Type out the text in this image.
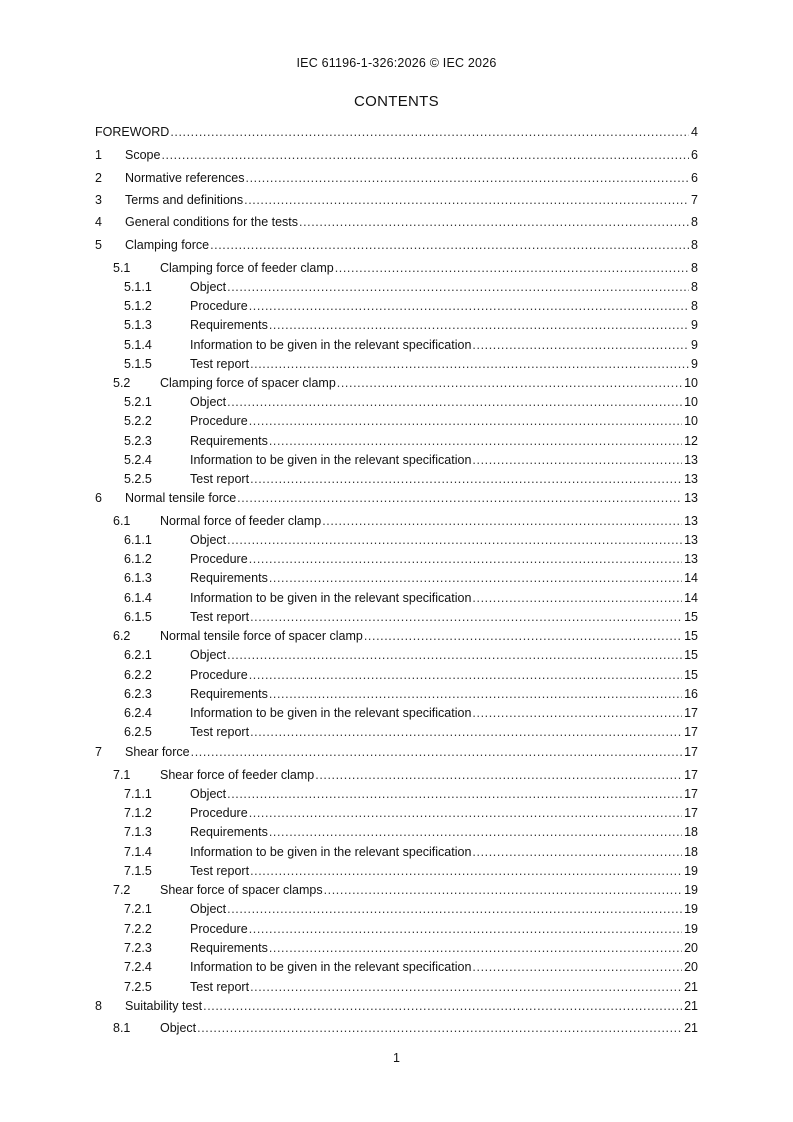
IEC 61196-1-326:2026 © IEC 2026
CONTENTS
FOREWORD .....	4
1 Scope .....	6
2 Normative references .....	6
3 Terms and definitions .....	7
4 General conditions for the tests .....	8
5 Clamping force .....	8
5.1 Clamping force of feeder clamp .....	8
5.1.1	Object .....	8
5.1.2	Procedure .....	8
5.1.3	Requirements .....	9
5.1.4	Information to be given in the relevant specification .....	9
5.1.5	Test report .....	9
5.2 Clamping force of spacer clamp .....	10
5.2.1	Object .....	10
5.2.2	Procedure .....	10
5.2.3	Requirements .....	12
5.2.4	Information to be given in the relevant specification .....	13
5.2.5	Test report .....	13
6 Normal tensile force .....	13
6.1 Normal force of feeder clamp .....	13
6.1.1	Object .....	13
6.1.2	Procedure .....	13
6.1.3	Requirements .....	14
6.1.4	Information to be given in the relevant specification .....	14
6.1.5	Test report .....	15
6.2 Normal tensile force of spacer clamp .....	15
6.2.1	Object .....	15
6.2.2	Procedure .....	15
6.2.3	Requirements .....	16
6.2.4	Information to be given in the relevant specification .....	17
6.2.5	Test report .....	17
7 Shear force .....	17
7.1 Shear force of feeder clamp .....	17
7.1.1	Object .....	17
7.1.2	Procedure .....	17
7.1.3	Requirements .....	18
7.1.4	Information to be given in the relevant specification .....	18
7.1.5	Test report .....	19
7.2 Shear force of spacer clamps .....	19
7.2.1	Object .....	19
7.2.2	Procedure .....	19
7.2.3	Requirements .....	20
7.2.4	Information to be given in the relevant specification .....	20
7.2.5	Test report .....	21
8 Suitability test .....	21
8.1 Object .....	21
1
